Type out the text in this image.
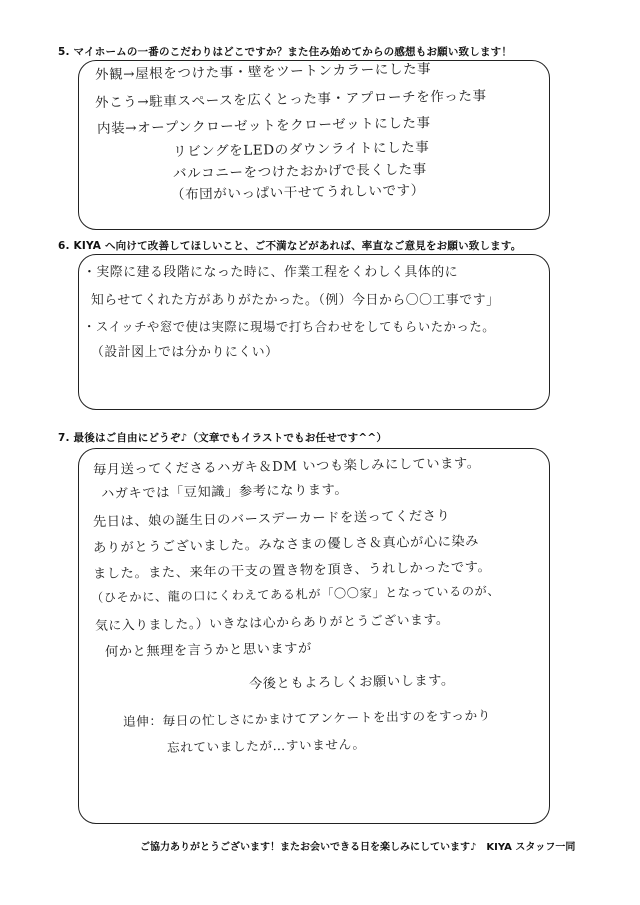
5. マイホームの一番のこだわりはどこですか？また住み始めてからの感想もお願い致します！
外観→屋根をつけた事・壁をツートンカラーにした事
外こう→駐車スペースを広くとった事・アプローチを作った事
内装→オープンクローゼットをクローゼットにした事
リビングをLEDのダウンライトにした事
バルコニーをつけたおかげで長くした事
（布団がいっぱい干せてうれしいです）
6. KIYA へ向けて改善してほしいこと、ご不満などがあれば、率直なご意見をお願い致します。
・実際に建る段階になった時に、作業工程をくわしく具体的に
知らせてくれた方がありがたかった。（例）今日から〇〇工事です」
・スイッチや窓で使は実際に現場で打ち合わせをしてもらいたかった。
（設計図上では分かりにくい）
7. 最後はご自由にどうぞ♪（文章でもイラストでもお任せです^^）
毎月送ってくださるハガキ＆DM いつも楽しみにしています。
ハガキでは「豆知識」参考になります。
先日は、娘の誕生日のバースデーカードを送ってくださり
ありがとうございました。みなさまの優しさ＆真心が心に染み
ました。また、来年の干支の置き物を頂き、うれしかったです。
（ひそかに、龍の口にくわえてある札が「〇〇家」となっているのが、
気に入りました。）いきなは心からありがとうございます。
何かと無理を言うかと思いますが
今後ともよろしくお願いします。
追伸：毎日の忙しさにかまけてアンケートを出すのをすっかり
忘れていましたが…すいません。
ご協力ありがとうございます！またお会いできる日を楽しみにしています♪　KIYA スタッフ一同
